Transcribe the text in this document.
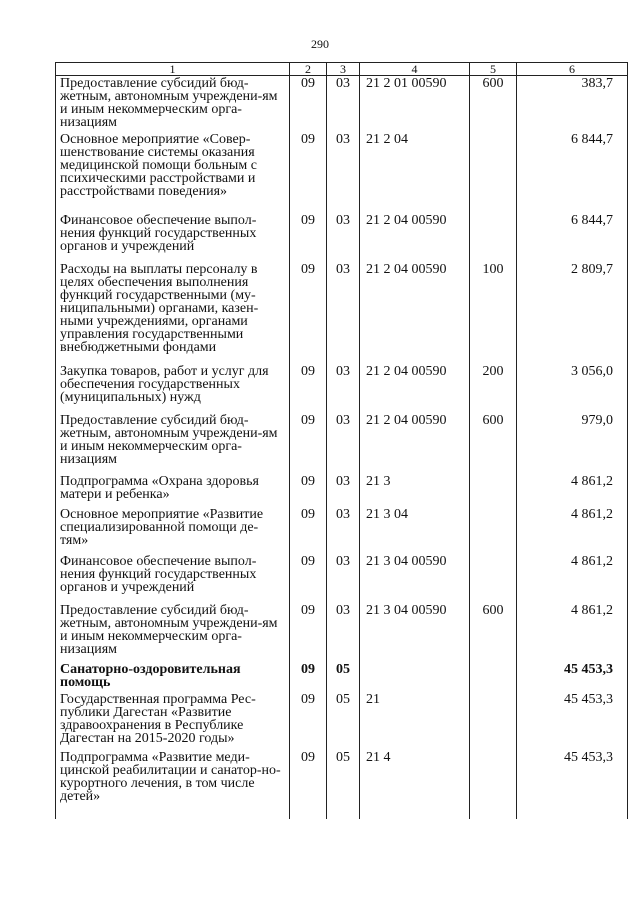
290
1	2	3	4	5	6
Предоставление субсидий бюд-жетным, автономным учреждени-ям и иным некоммерческим орга-низациям	09	03	21 2 01 00590	600	383,7
Основное мероприятие «Совер-шенствование системы оказания медицинской помощи больным с психическими расстройствами и расстройствами поведения»	09	03	21 2 04		6 844,7
Финансовое обеспечение выпол-нения функций государственных органов и учреждений	09	03	21 2 04 00590		6 844,7
Расходы на выплаты персоналу в целях обеспечения выполнения функций государственными (му-ниципальными) органами, казен-ными учреждениями, органами управления государственными внебюджетными фондами	09	03	21 2 04 00590	100	2 809,7
Закупка товаров, работ и услуг для обеспечения государственных (муниципальных) нужд	09	03	21 2 04 00590	200	3 056,0
Предоставление субсидий бюд-жетным, автономным учреждени-ям и иным некоммерческим орга-низациям	09	03	21 2 04 00590	600	979,0
Подпрограмма «Охрана здоровья матери и ребенка»	09	03	21 3		4 861,2
Основное мероприятие «Развитие специализированной помощи де-тям»	09	03	21 3 04		4 861,2
Финансовое обеспечение выпол-нения функций государственных органов и учреждений	09	03	21 3 04 00590		4 861,2
Предоставление субсидий бюд-жетным, автономным учреждени-ям и иным некоммерческим орга-низациям	09	03	21 3 04 00590	600	4 861,2
Санаторно-оздоровительная помощь	09	05			45 453,3
Государственная программа Рес-публики Дагестан «Развитие здравоохранения в Республике Дагестан на 2015-2020 годы»	09	05	21		45 453,3
Подпрограмма «Развитие меди-цинской реабилитации и санатор-но-курортного лечения, в том числе детей»	09	05	21 4		45 453,3
